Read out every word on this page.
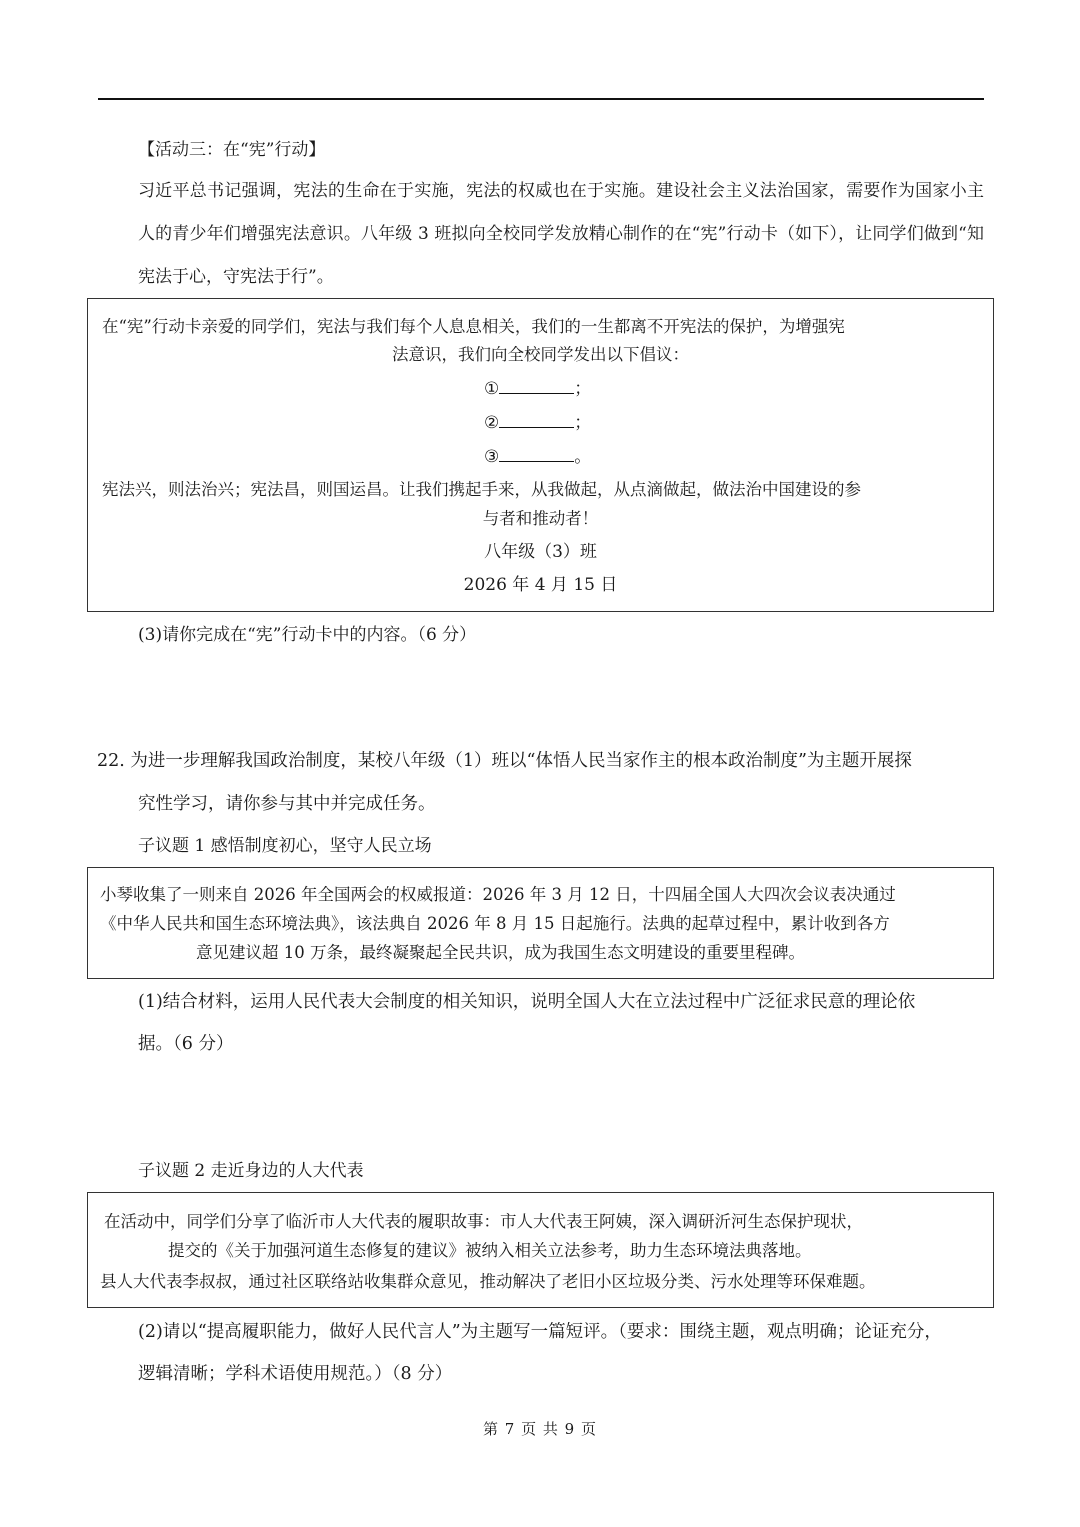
【活动三：在“宪”行动】
习近平总书记强调，宪法的生命在于实施，宪法的权威也在于实施。建设社会主义法治国家，需要作为国家小主人的青少年们增强宪法意识。八年级 3 班拟向全校同学发放精心制作的在“宪”行动卡（如下），让同学们做到“知宪法于心，守宪法于行”。
在“宪”行动卡亲爱的同学们，宪法与我们每个人息息相关，我们的一生都离不开宪法的保护，为增强宪
法意识，我们向全校同学发出以下倡议：
①	；
②	；
③	。
宪法兴，则法治兴；宪法昌，则国运昌。让我们携起手来，从我做起，从点滴做起，做法治中国建设的参
与者和推动者！
八年级（3）班
2026 年 4 月 15 日
(3)请你完成在“宪”行动卡中的内容。（6 分）
22. 为进一步理解我国政治制度，某校八年级（1）班以“体悟人民当家作主的根本政治制度”为主题开展探
究性学习，请你参与其中并完成任务。
子议题 1 感悟制度初心，坚守人民立场
小琴收集了一则来自 2026 年全国两会的权威报道：2026 年 3 月 12 日，十四届全国人大四次会议表决通过
《中华人民共和国生态环境法典》，该法典自 2026 年 8 月 15 日起施行。法典的起草过程中，累计收到各方
意见建议超 10 万条，最终凝聚起全民共识，成为我国生态文明建设的重要里程碑。
(1)结合材料，运用人民代表大会制度的相关知识，说明全国人大在立法过程中广泛征求民意的理论依
据。（6 分）
子议题 2 走近身边的人大代表
在活动中，同学们分享了临沂市人大代表的履职故事：市人大代表王阿姨，深入调研沂河生态保护现状，
提交的《关于加强河道生态修复的建议》被纳入相关立法参考，助力生态环境法典落地。
县人大代表李叔叔，通过社区联络站收集群众意见，推动解决了老旧小区垃圾分类、污水处理等环保难题。
(2)请以“提高履职能力，做好人民代言人”为主题写一篇短评。（要求：围绕主题，观点明确；论证充分，
逻辑清晰；学科术语使用规范。）（8 分）
第 7 页 共 9 页
